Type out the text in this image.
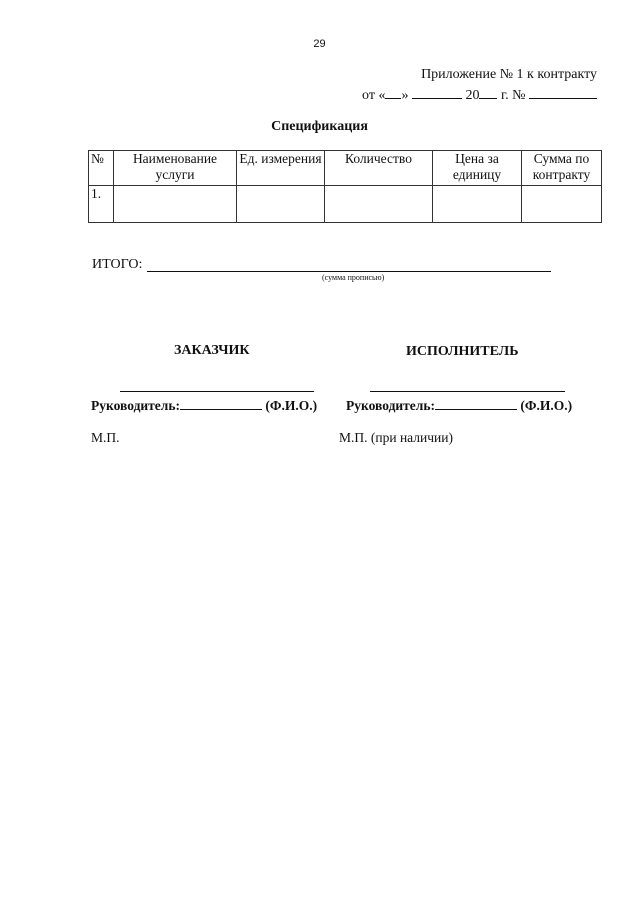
29
Приложение № 1 к контракту
от « »	20 г. №
Спецификация
№	Наименование услуги	Ед. измерения	Количество	Цена за единицу	Сумма по контракту
1.					
ИТОГО:
(сумма прописью)
ЗАКАЗЧИК	ИСПОЛНИТЕЛЬ
Руководитель:	(Ф.И.О.) Руководитель:	(Ф.И.О.)
М.П.	М.П. (при наличии)
